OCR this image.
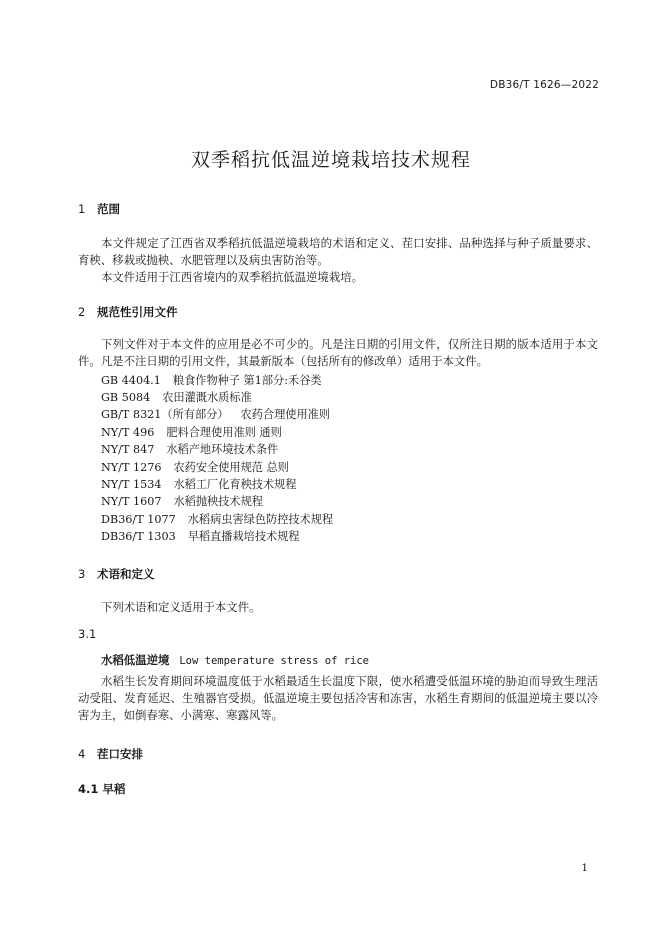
DB36/T 1626—2022
双季稻抗低温逆境栽培技术规程
1 范围
本文件规定了江西省双季稻抗低温逆境栽培的术语和定义、茬口安排、品种选择与种子质量要求、育秧、移栽或抛秧、水肥管理以及病虫害防治等。
本文件适用于江西省境内的双季稻抗低温逆境栽培。
2 规范性引用文件
下列文件对于本文件的应用是必不可少的。凡是注日期的引用文件，仅所注日期的版本适用于本文件。凡是不注日期的引用文件，其最新版本（包括所有的修改单）适用于本文件。
GB 4404.1 粮食作物种子 第1部分:禾谷类
GB 5084 农田灌溉水质标准
GB/T 8321（所有部分） 农药合理使用准则
NY/T 496 肥料合理使用准则 通则
NY/T 847 水稻产地环境技术条件
NY/T 1276 农药安全使用规范 总则
NY/T 1534 水稻工厂化育秧技术规程
NY/T 1607 水稻抛秧技术规程
DB36/T 1077 水稻病虫害绿色防控技术规程
DB36/T 1303 早稻直播栽培技术规程
3 术语和定义
下列术语和定义适用于本文件。
3.1
水稻低温逆境 Low temperature stress of rice
水稻生长发育期间环境温度低于水稻最适生长温度下限，使水稻遭受低温环境的胁迫而导致生理活动受阻、发育延迟、生殖器官受损。低温逆境主要包括冷害和冻害，水稻生育期间的低温逆境主要以冷害为主，如倒春寒、小满寒、寒露风等。
4 茬口安排
4.1 早稻
1
